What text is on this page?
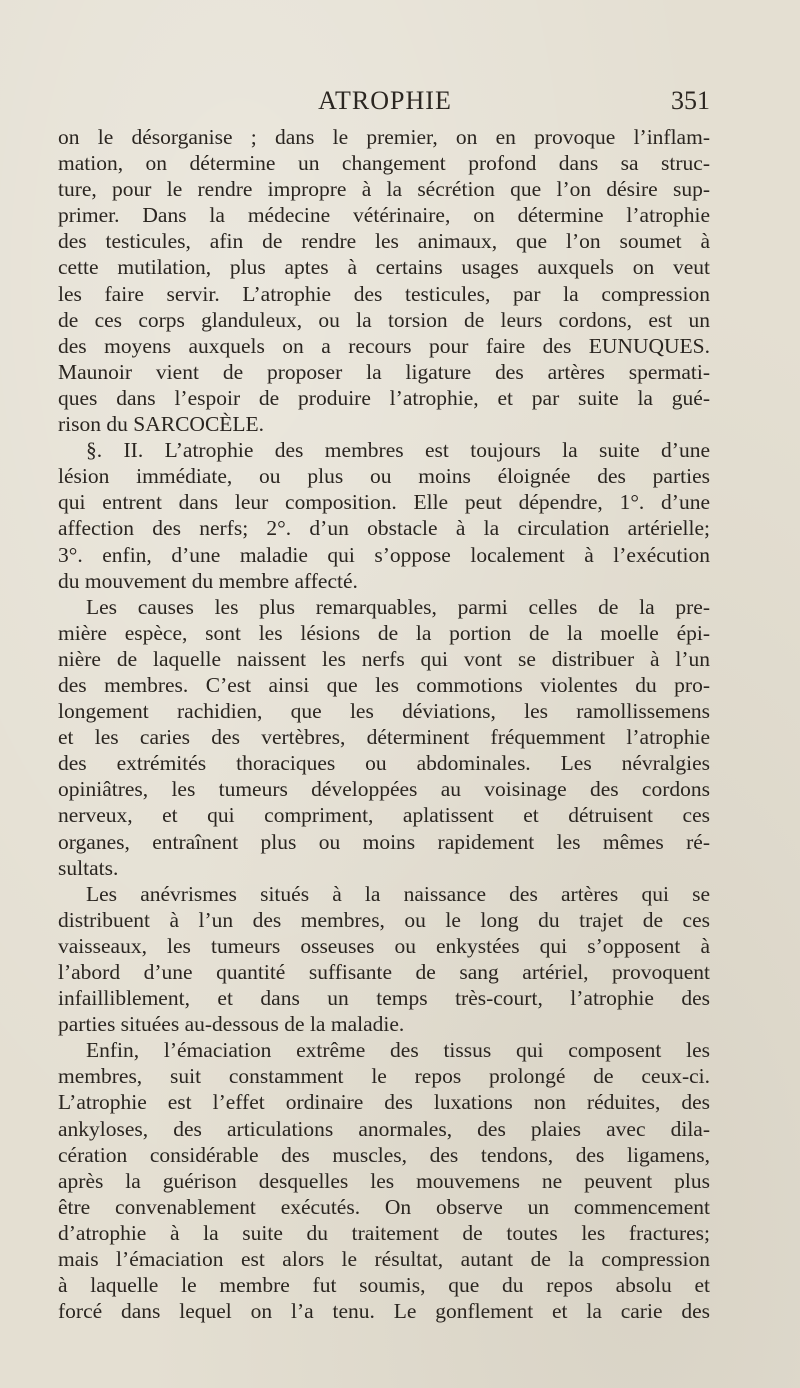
ATROPHIE	351
on le désorganise ; dans le premier, on en provoque l’inflam-
mation, on détermine un changement profond dans sa struc-
ture, pour le rendre impropre à la sécrétion que l’on désire sup-
primer. Dans la médecine vétérinaire, on détermine l’atrophie
des testicules, afin de rendre les animaux, que l’on soumet à
cette mutilation, plus aptes à certains usages auxquels on veut
les faire servir. L’atrophie des testicules, par la compression
de ces corps glanduleux, ou la torsion de leurs cordons, est un
des moyens auxquels on a recours pour faire des EUNUQUES.
Maunoir vient de proposer la ligature des artères spermati-
ques dans l’espoir de produire l’atrophie, et par suite la gué-
rison du SARCOCÈLE.
§. II. L’atrophie des membres est toujours la suite d’une
lésion immédiate, ou plus ou moins éloignée des parties
qui entrent dans leur composition. Elle peut dépendre, 1°. d’une
affection des nerfs; 2°. d’un obstacle à la circulation artérielle;
3°. enfin, d’une maladie qui s’oppose localement à l’exécution
du mouvement du membre affecté.
Les causes les plus remarquables, parmi celles de la pre-
mière espèce, sont les lésions de la portion de la moelle épi-
nière de laquelle naissent les nerfs qui vont se distribuer à l’un
des membres. C’est ainsi que les commotions violentes du pro-
longement rachidien, que les déviations, les ramollissemens
et les caries des vertèbres, déterminent fréquemment l’atrophie
des extrémités thoraciques ou abdominales. Les névralgies
opiniâtres, les tumeurs développées au voisinage des cordons
nerveux, et qui compriment, aplatissent et détruisent ces
organes, entraînent plus ou moins rapidement les mêmes ré-
sultats.
Les anévrismes situés à la naissance des artères qui se
distribuent à l’un des membres, ou le long du trajet de ces
vaisseaux, les tumeurs osseuses ou enkystées qui s’opposent à
l’abord d’une quantité suffisante de sang artériel, provoquent
infailliblement, et dans un temps très-court, l’atrophie des
parties situées au-dessous de la maladie.
Enfin, l’émaciation extrême des tissus qui composent les
membres, suit constamment le repos prolongé de ceux-ci.
L’atrophie est l’effet ordinaire des luxations non réduites, des
ankyloses, des articulations anormales, des plaies avec dila-
cération considérable des muscles, des tendons, des ligamens,
après la guérison desquelles les mouvemens ne peuvent plus
être convenablement exécutés. On observe un commencement
d’atrophie à la suite du traitement de toutes les fractures;
mais l’émaciation est alors le résultat, autant de la compression
à laquelle le membre fut soumis, que du repos absolu et
forcé dans lequel on l’a tenu. Le gonflement et la carie des
